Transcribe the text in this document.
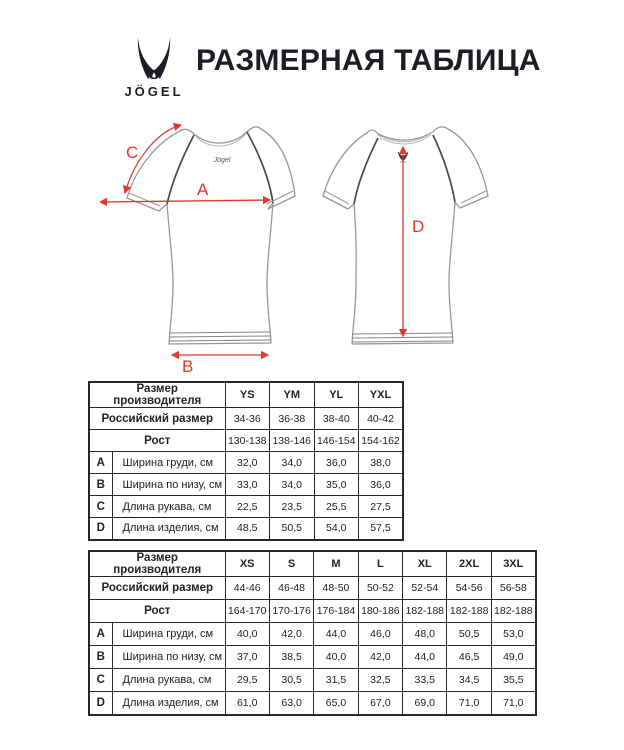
JÖGEL
РАЗМЕРНАЯ ТАБЛИЦА
Jögel
A
B
C
D
Размер производителя		YS	YM	YL	YXL
Российский размер		34-36	36-38	38-40	40-42
Рост		130-138	138-146	146-154	154-162
A	Ширина груди, см	32,0	34,0	36,0	38,0
B	Ширина по низу, см	33,0	34,0	35,0	36,0
C	Длина рукава, см	22,5	23,5	25,5	27,5
D	Длина изделия, см	48,5	50,5	54,0	57,5
Размер производителя		XS	S	M	L	XL	2XL	3XL
Российский размер		44-46	46-48	48-50	50-52	52-54	54-56	56-58
Рост		164-170	170-176	176-184	180-186	182-188	182-188	182-188
A	Ширина груди, см	40,0	42,0	44,0	46,0	48,0	50,5	53,0
B	Ширина по низу, см	37,0	38,5	40,0	42,0	44,0	46,5	49,0
C	Длина рукава, см	29,5	30,5	31,5	32,5	33,5	34,5	35,5
D	Длина изделия, см	61,0	63,0	65,0	67,0	69,0	71,0	71,0
